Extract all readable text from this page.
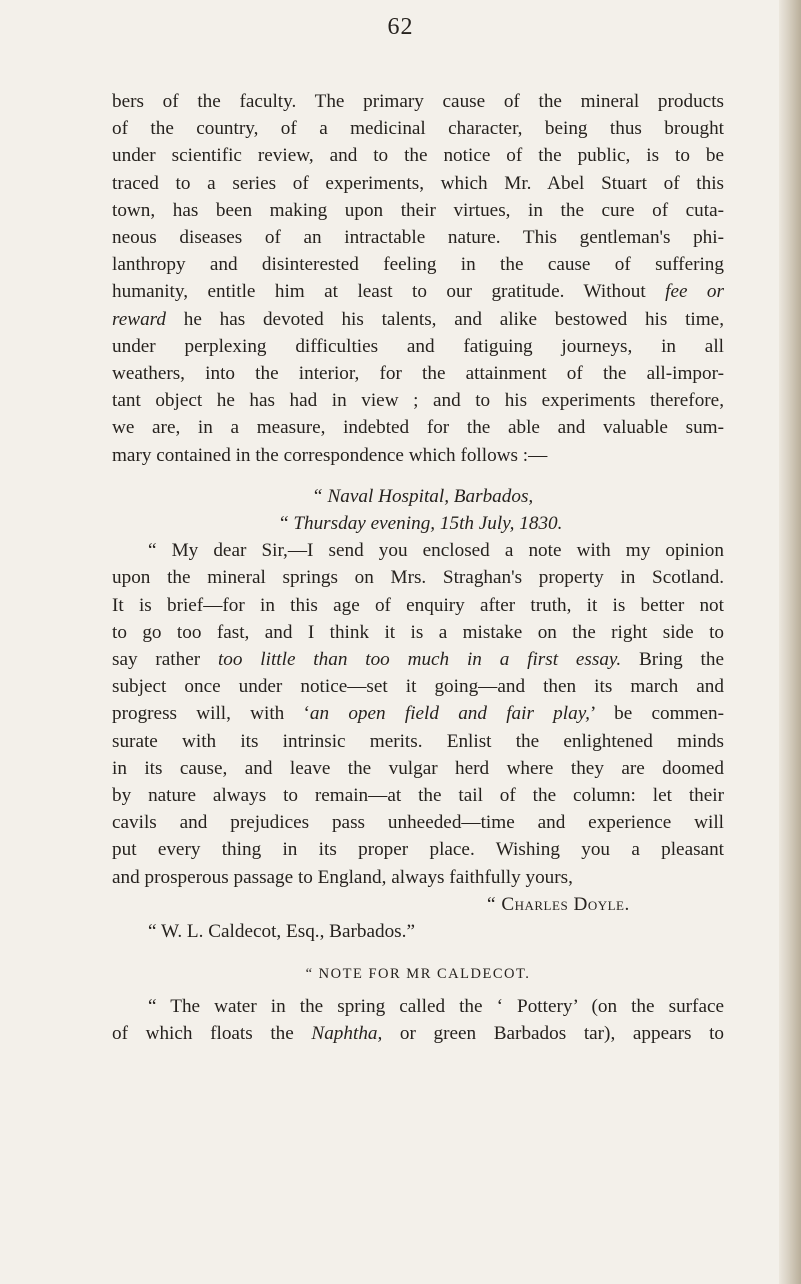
62

bers of the faculty. The primary cause of the mineral products
of the country, of a medicinal character, being thus brought
under scientific review, and to the notice of the public, is to be
traced to a series of experiments, which Mr. Abel Stuart of this
town, has been making upon their virtues, in the cure of cuta-
neous diseases of an intractable nature. This gentleman's phi-
lanthropy and disinterested feeling in the cause of suffering
humanity, entitle him at least to our gratitude. Without fee or
reward he has devoted his talents, and alike bestowed his time,
under perplexing difficulties and fatiguing journeys, in all
weathers, into the interior, for the attainment of the all-impor-
tant object he has had in view ; and to his experiments therefore,
we are, in a measure, indebted for the able and valuable sum-
mary contained in the correspondence which follows :—

“ Naval Hospital, Barbados,
“ Thursday evening, 15th July, 1830.
“ My dear Sir,—I send you enclosed a note with my opinion
upon the mineral springs on Mrs. Straghan's property in Scotland.
It is brief—for in this age of enquiry after truth, it is better not
to go too fast, and I think it is a mistake on the right side to
say rather too little than too much in a first essay. Bring the
subject once under notice—set it going—and then its march and
progress will, with ‘an open field and fair play,’ be commen-
surate with its intrinsic merits. Enlist the enlightened minds
in its cause, and leave the vulgar herd where they are doomed
by nature always to remain—at the tail of the column: let their
cavils and prejudices pass unheeded—time and experience will
put every thing in its proper place. Wishing you a pleasant
and prosperous passage to England, always faithfully yours,
“ Charles Doyle.
“ W. L. Caldecot, Esq., Barbados.”

“ NOTE FOR MR CALDECOT.

“ The water in the spring called the ‘ Pottery’ (on the surface
of which floats the Naphtha, or green Barbados tar), appears to
